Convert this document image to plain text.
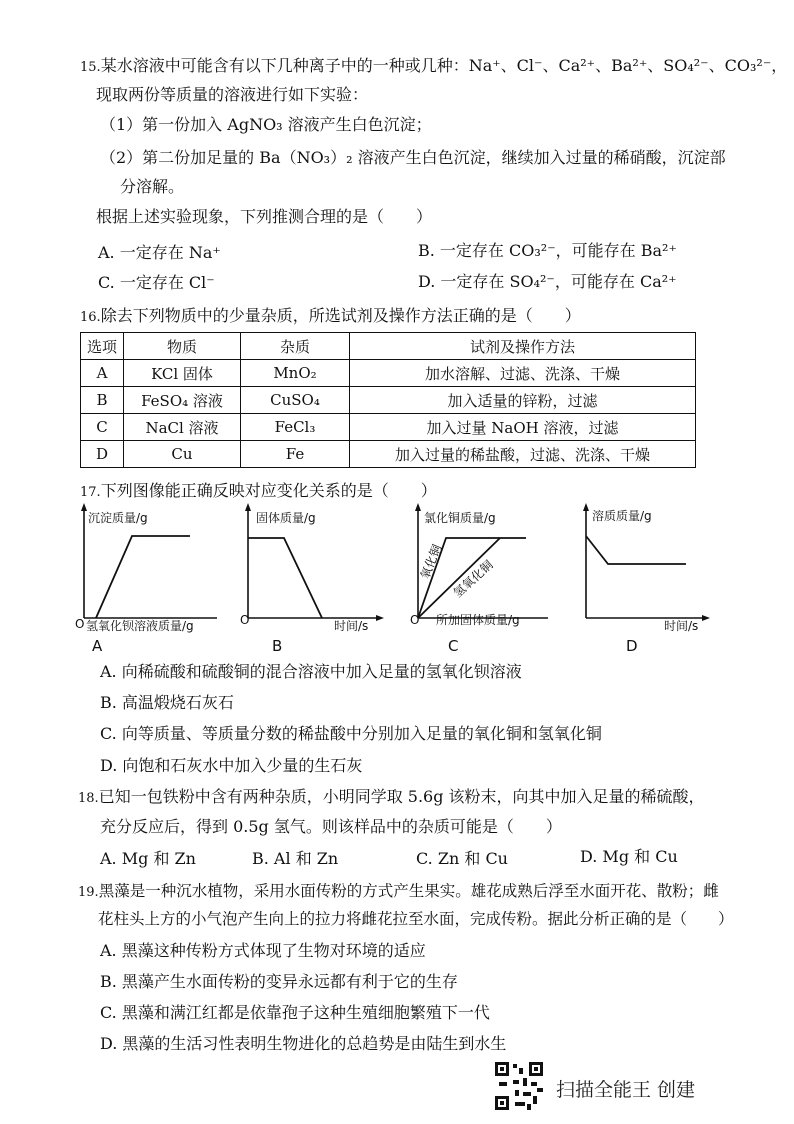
15.某水溶液中可能含有以下几种离子中的一种或几种：Na⁺、Cl⁻、Ca²⁺、Ba²⁺、SO₄²⁻、CO₃²⁻，
现取两份等质量的溶液进行如下实验：
（1）第一份加入 AgNO₃ 溶液产生白色沉淀；
（2）第二份加足量的 Ba（NO₃）₂ 溶液产生白色沉淀，继续加入过量的稀硝酸，沉淀部
分溶解。
根据上述实验现象，下列推测合理的是（　　）
A. 一定存在 Na⁺	B. 一定存在 CO₃²⁻，可能存在 Ba²⁺
C. 一定存在 Cl⁻	D. 一定存在 SO₄²⁻，可能存在 Ca²⁺
16.除去下列物质中的少量杂质，所选试剂及操作方法正确的是（　　）
选项	物质	杂质	试剂及操作方法
A	KCl 固体	MnO₂	加水溶解、过滤、洗涤、干燥
B	FeSO₄ 溶液	CuSO₄	加入适量的锌粉，过滤
C	NaCl 溶液	FeCl₃	加入过量 NaOH 溶液，过滤
D	Cu	Fe	加入过量的稀盐酸，过滤、洗涤、干燥
17.下列图像能正确反映对应变化关系的是（　　）
沉淀质量/g
O 氢氧化钡溶液质量/g
A
固体质量/g
O	时间/s
B
氯化铜质量/g
氧化铜 氢氧化铜
O 所加固体质量/g
C
溶质质量/g
时间/s
D
A. 向稀硫酸和硫酸铜的混合溶液中加入足量的氢氧化钡溶液
B. 高温煅烧石灰石
C. 向等质量、等质量分数的稀盐酸中分别加入足量的氧化铜和氢氧化铜
D. 向饱和石灰水中加入少量的生石灰
18.已知一包铁粉中含有两种杂质，小明同学取 5.6g 该粉末，向其中加入足量的稀硫酸，
充分反应后，得到 0.5g 氢气。则该样品中的杂质可能是（　　）
A. Mg 和 Zn	B. Al 和 Zn	C. Zn 和 Cu	D. Mg 和 Cu
19.黑藻是一种沉水植物，采用水面传粉的方式产生果实。雄花成熟后浮至水面开花、散粉；雌
花柱头上方的小气泡产生向上的拉力将雌花拉至水面，完成传粉。据此分析正确的是（　　）
A. 黑藻这种传粉方式体现了生物对环境的适应
B. 黑藻产生水面传粉的变异永远都有利于它的生存
C. 黑藻和满江红都是依靠孢子这种生殖细胞繁殖下一代
D. 黑藻的生活习性表明生物进化的总趋势是由陆生到水生
扫描全能王 创建
